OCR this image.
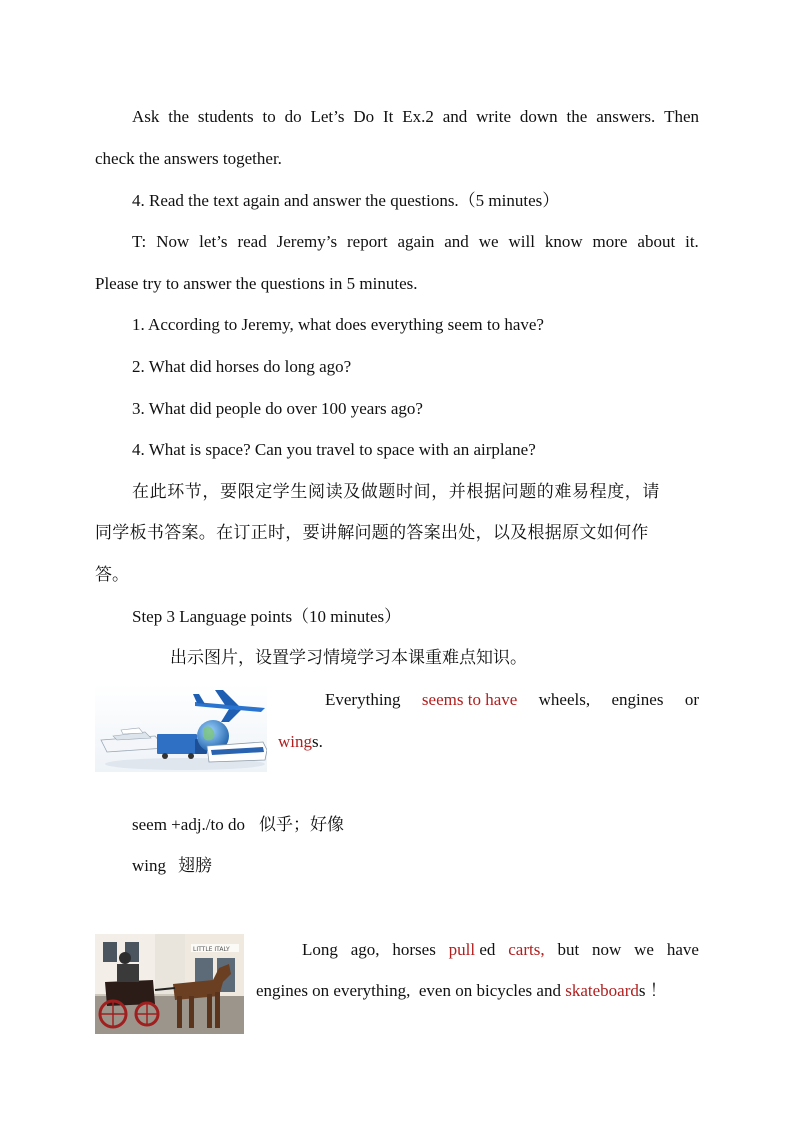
Ask the students to do Let’s Do It Ex.2 and write down the answers. Then
check the answers together.
4. Read the text again and answer the questions.（5 minutes）
T: Now let’s read Jeremy’s report again and we will know more about it.
Please try to answer the questions in 5 minutes.
1. According to Jeremy, what does everything seem to have?
2. What did horses do long ago?
3. What did people do over 100 years ago?
4. What is space? Can you travel to space with an airplane?
在此环节，要限定学生阅读及做题时间，并根据问题的难易程度，请
同学板书答案。在订正时，要讲解问题的答案出处，以及根据原文如何作
答。
Step 3 Language points（10 minutes）
出示图片，设置学习情境学习本课重难点知识。
Everything seems to have wheels, engines or
wings.
seem +adj./to do 似乎；好像
wing 翅膀
LITTLE ITALY	Long ago, horses pull ed carts, but now we have
engines on everything,  even on bicycles and skateboards ！
